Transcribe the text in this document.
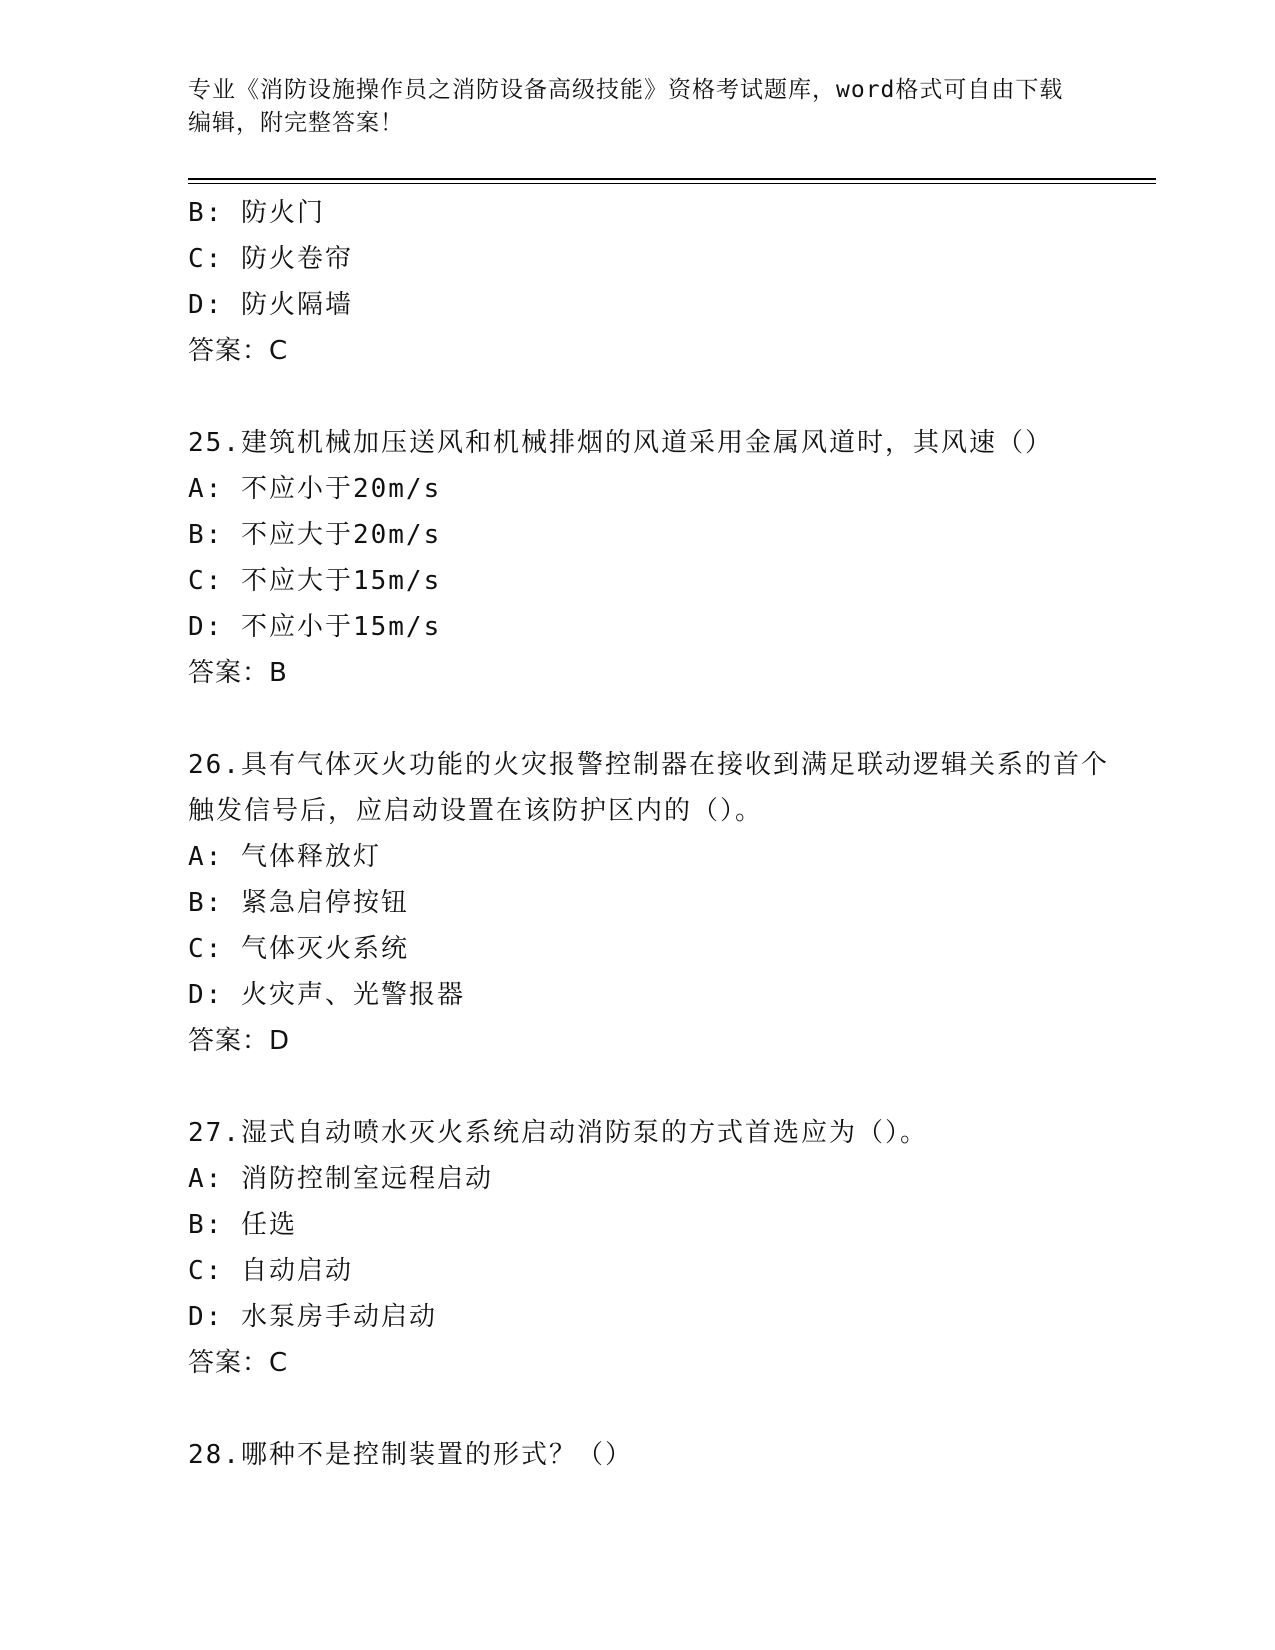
专业《消防设施操作员之消防设备高级技能》资格考试题库，word格式可自由下载编辑，附完整答案！
B: 防火门
C: 防火卷帘
D: 防火隔墙
答案：C
25.建筑机械加压送风和机械排烟的风道采用金属风道时，其风速（）
A: 不应小于20m/s
B: 不应大于20m/s
C: 不应大于15m/s
D: 不应小于15m/s
答案：B
26.具有气体灭火功能的火灾报警控制器在接收到满足联动逻辑关系的首个触发信号后，应启动设置在该防护区内的（）。
A: 气体释放灯
B: 紧急启停按钮
C: 气体灭火系统
D: 火灾声、光警报器
答案：D
27.湿式自动喷水灭火系统启动消防泵的方式首选应为（）。
A: 消防控制室远程启动
B: 任选
C: 自动启动
D: 水泵房手动启动
答案：C
28.哪种不是控制装置的形式？（）
